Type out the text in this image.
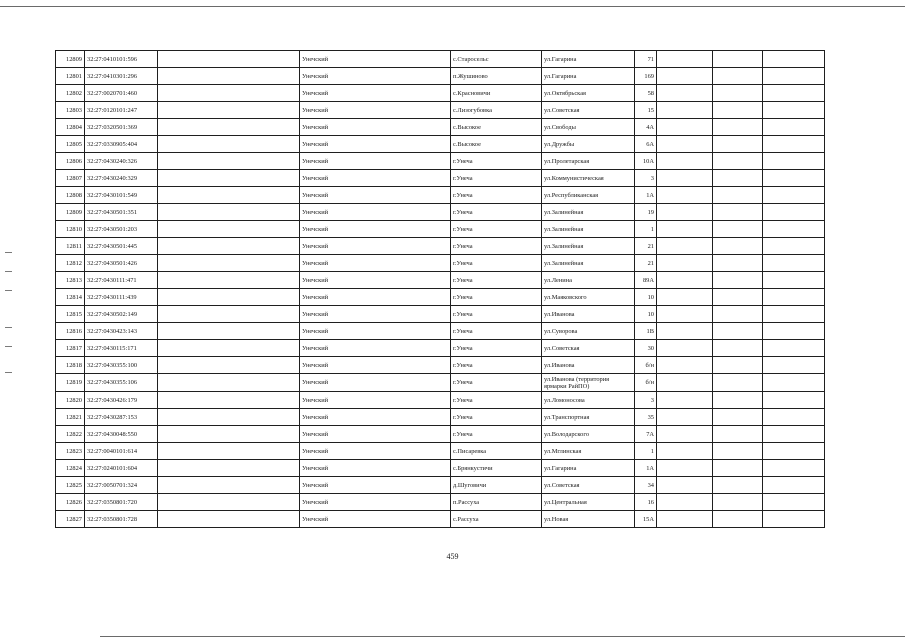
12809	32:27:0410101:596		Унечский	с.Старосельс	ул.Гагарина	71			
12801	32:27:0410301:296		Унечский	п.Жушиново	ул.Гагарина	169			
12802	32:27:0020701:460		Унечский	с.Красновичи	ул.Октябрьская	58			
12803	32:27:0120101:247		Унечский	с.Лизогубовка	ул.Советская	15			
12804	32:27:0320501:369		Унечский	с.Высокое	ул.Свободы	4А			
12805	32:27:0330905:404		Унечский	с.Высокое	ул.Дружбы	6А			
12806	32:27:0430240:326		Унечский	г.Унеча	ул.Пролетарская	10А			
12807	32:27:0430240:329		Унечский	г.Унеча	ул.Коммунистическая	3			
12808	32:27:0430101:549		Унечский	г.Унеча	ул.Республиканская	1А			
12809	32:27:0430501:351		Унечский	г.Унеча	ул.Залинейная	19			
12810	32:27:0430501:203		Унечский	г.Унеча	ул.Залинейная	1			
12811	32:27:0430501:445		Унечский	г.Унеча	ул.Залинейная	21			
12812	32:27:0430501:426		Унечский	г.Унеча	ул.Залинейная	21			
12813	32:27:0430111:471		Унечский	г.Унеча	ул.Ленина	89А			
12814	32:27:0430111:439		Унечский	г.Унеча	ул.Маяковского	10			
12815	32:27:0430502:149		Унечский	г.Унеча	ул.Иванова	10			
12816	32:27:0430423:143		Унечский	г.Унеча	ул.Суворова	1В			
12817	32:27:0430115:171		Унечский	г.Унеча	ул.Советская	30			
12818	32:27:0430355:100		Унечский	г.Унеча	ул.Иванова	б/н			
12819	32:27:0430355:106		Унечский	г.Унеча	ул.Иванова (территория ярмарки РайПО)	б/н			
12820	32:27:0430426:179		Унечский	г.Унеча	ул.Ломоносова	3			
12821	32:27:0430287:153		Унечский	г.Унеча	ул.Транспортная	35			
12822	32:27:0430048:550		Унечский	г.Унеча	ул.Володарского	7А			
12823	32:27:0040101:614		Унечский	с.Писаревка	ул.Мглинская	1			
12824	32:27:0240101:604		Унечский	с.Брянкустичи	ул.Гагарина	1А			
12825	32:27:0050701:324		Унечский	д.Шуговичи	ул.Советская	34			
12826	32:27:0350801:720		Унечский	п.Рассуха	ул.Центральная	16			
12827	32:27:0350801:728		Унечский	с.Рассуха	ул.Новая	15А			
459
